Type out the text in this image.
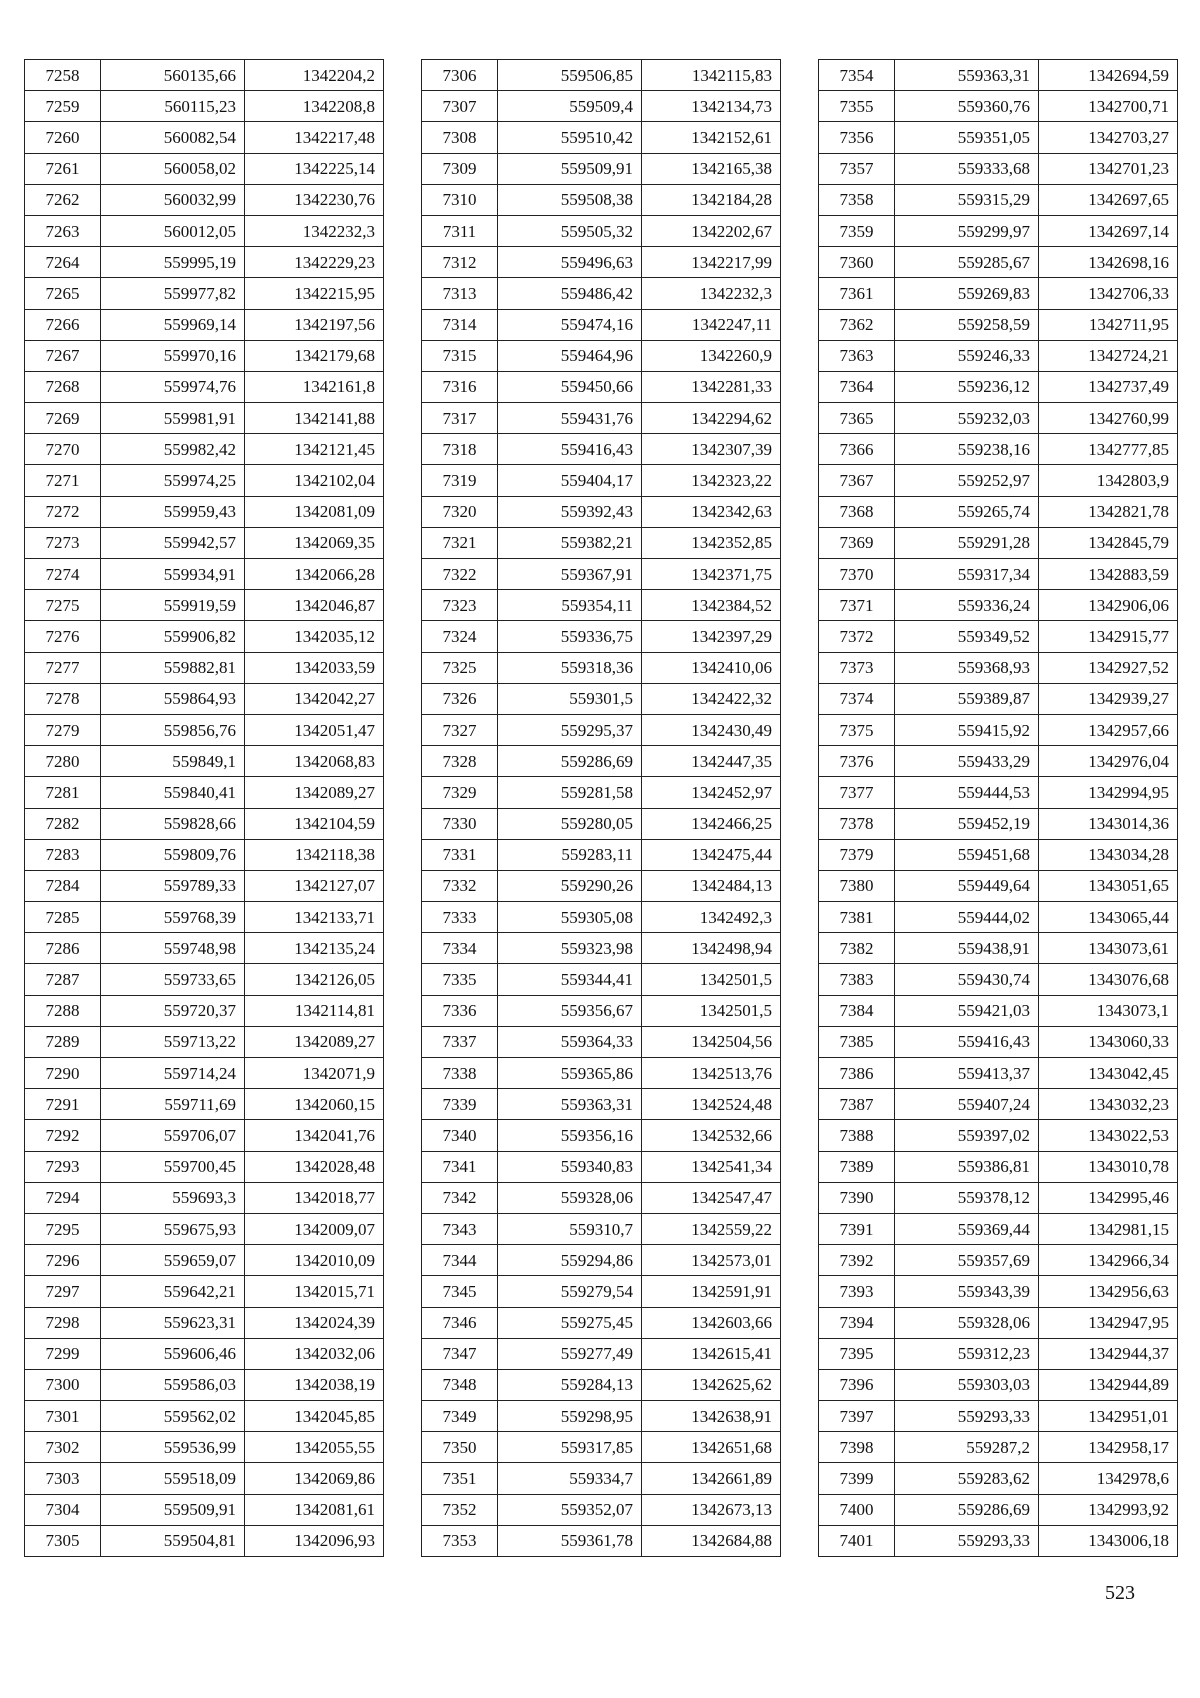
7258	560135,66	1342204,2
7259	560115,23	1342208,8
7260	560082,54	1342217,48
7261	560058,02	1342225,14
7262	560032,99	1342230,76
7263	560012,05	1342232,3
7264	559995,19	1342229,23
7265	559977,82	1342215,95
7266	559969,14	1342197,56
7267	559970,16	1342179,68
7268	559974,76	1342161,8
7269	559981,91	1342141,88
7270	559982,42	1342121,45
7271	559974,25	1342102,04
7272	559959,43	1342081,09
7273	559942,57	1342069,35
7274	559934,91	1342066,28
7275	559919,59	1342046,87
7276	559906,82	1342035,12
7277	559882,81	1342033,59
7278	559864,93	1342042,27
7279	559856,76	1342051,47
7280	559849,1	1342068,83
7281	559840,41	1342089,27
7282	559828,66	1342104,59
7283	559809,76	1342118,38
7284	559789,33	1342127,07
7285	559768,39	1342133,71
7286	559748,98	1342135,24
7287	559733,65	1342126,05
7288	559720,37	1342114,81
7289	559713,22	1342089,27
7290	559714,24	1342071,9
7291	559711,69	1342060,15
7292	559706,07	1342041,76
7293	559700,45	1342028,48
7294	559693,3	1342018,77
7295	559675,93	1342009,07
7296	559659,07	1342010,09
7297	559642,21	1342015,71
7298	559623,31	1342024,39
7299	559606,46	1342032,06
7300	559586,03	1342038,19
7301	559562,02	1342045,85
7302	559536,99	1342055,55
7303	559518,09	1342069,86
7304	559509,91	1342081,61
7305	559504,81	1342096,93
7306	559506,85	1342115,83
7307	559509,4	1342134,73
7308	559510,42	1342152,61
7309	559509,91	1342165,38
7310	559508,38	1342184,28
7311	559505,32	1342202,67
7312	559496,63	1342217,99
7313	559486,42	1342232,3
7314	559474,16	1342247,11
7315	559464,96	1342260,9
7316	559450,66	1342281,33
7317	559431,76	1342294,62
7318	559416,43	1342307,39
7319	559404,17	1342323,22
7320	559392,43	1342342,63
7321	559382,21	1342352,85
7322	559367,91	1342371,75
7323	559354,11	1342384,52
7324	559336,75	1342397,29
7325	559318,36	1342410,06
7326	559301,5	1342422,32
7327	559295,37	1342430,49
7328	559286,69	1342447,35
7329	559281,58	1342452,97
7330	559280,05	1342466,25
7331	559283,11	1342475,44
7332	559290,26	1342484,13
7333	559305,08	1342492,3
7334	559323,98	1342498,94
7335	559344,41	1342501,5
7336	559356,67	1342501,5
7337	559364,33	1342504,56
7338	559365,86	1342513,76
7339	559363,31	1342524,48
7340	559356,16	1342532,66
7341	559340,83	1342541,34
7342	559328,06	1342547,47
7343	559310,7	1342559,22
7344	559294,86	1342573,01
7345	559279,54	1342591,91
7346	559275,45	1342603,66
7347	559277,49	1342615,41
7348	559284,13	1342625,62
7349	559298,95	1342638,91
7350	559317,85	1342651,68
7351	559334,7	1342661,89
7352	559352,07	1342673,13
7353	559361,78	1342684,88
7354	559363,31	1342694,59
7355	559360,76	1342700,71
7356	559351,05	1342703,27
7357	559333,68	1342701,23
7358	559315,29	1342697,65
7359	559299,97	1342697,14
7360	559285,67	1342698,16
7361	559269,83	1342706,33
7362	559258,59	1342711,95
7363	559246,33	1342724,21
7364	559236,12	1342737,49
7365	559232,03	1342760,99
7366	559238,16	1342777,85
7367	559252,97	1342803,9
7368	559265,74	1342821,78
7369	559291,28	1342845,79
7370	559317,34	1342883,59
7371	559336,24	1342906,06
7372	559349,52	1342915,77
7373	559368,93	1342927,52
7374	559389,87	1342939,27
7375	559415,92	1342957,66
7376	559433,29	1342976,04
7377	559444,53	1342994,95
7378	559452,19	1343014,36
7379	559451,68	1343034,28
7380	559449,64	1343051,65
7381	559444,02	1343065,44
7382	559438,91	1343073,61
7383	559430,74	1343076,68
7384	559421,03	1343073,1
7385	559416,43	1343060,33
7386	559413,37	1343042,45
7387	559407,24	1343032,23
7388	559397,02	1343022,53
7389	559386,81	1343010,78
7390	559378,12	1342995,46
7391	559369,44	1342981,15
7392	559357,69	1342966,34
7393	559343,39	1342956,63
7394	559328,06	1342947,95
7395	559312,23	1342944,37
7396	559303,03	1342944,89
7397	559293,33	1342951,01
7398	559287,2	1342958,17
7399	559283,62	1342978,6
7400	559286,69	1342993,92
7401	559293,33	1343006,18
523
